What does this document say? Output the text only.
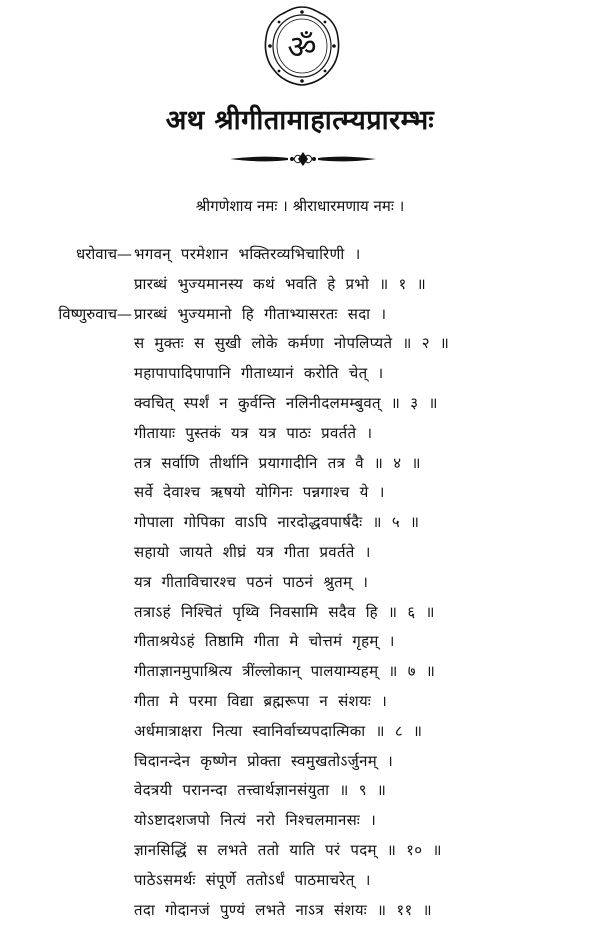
ॐ
अथ श्रीगीतामाहात्म्यप्रारम्भः
श्रीगणेशाय नमः । श्रीराधारमणाय नमः ।
धरोवाच— भगवन् परमेशान भक्तिरव्यभिचारिणी ।
प्रारब्धं भुज्यमानस्य कथं भवति हे प्रभो ॥ १ ॥
विष्णुरुवाच— प्रारब्धं भुज्यमानो हि गीताभ्यासरतः सदा ।
स मुक्तः स सुखी लोके कर्मणा नोपलिप्यते ॥ २ ॥
महापापादिपापानि गीताध्यानं करोति चेत् ।
क्वचित् स्पर्शं न कुर्वन्ति नलिनीदलमम्बुवत् ॥ ३ ॥
गीतायाः पुस्तकं यत्र यत्र पाठः प्रवर्तते ।
तत्र सर्वाणि तीर्थानि प्रयागादीनि तत्र वै ॥ ४ ॥
सर्वे देवाश्च ऋषयो योगिनः पन्नगाश्च ये ।
गोपाला गोपिका वाऽपि नारदोद्धवपार्षदैः ॥ ५ ॥
सहायो जायते शीघ्रं यत्र गीता प्रवर्तते ।
यत्र गीताविचारश्च पठनं पाठनं श्रुतम् ।
तत्राऽहं निश्चितं पृथ्वि निवसामि सदैव हि ॥ ६ ॥
गीताश्रयेऽहं तिष्ठामि गीता मे चोत्तमं गृहम् ।
गीताज्ञानमुपाश्रित्य त्रींल्लोकान् पालयाम्यहम् ॥ ७ ॥
गीता मे परमा विद्या ब्रह्मरूपा न संशयः ।
अर्धमात्राक्षरा नित्या स्वानिर्वाच्यपदात्मिका ॥ ८ ॥
चिदानन्देन कृष्णेन प्रोक्ता स्वमुखतोऽर्जुनम् ।
वेदत्रयी परानन्दा तत्त्वार्थज्ञानसंयुता ॥ ९ ॥
योऽष्टादशजपो नित्यं नरो निश्चलमानसः ।
ज्ञानसिद्धिं स लभते ततो याति परं पदम् ॥ १० ॥
पाठेऽसमर्थः संपूर्णे ततोऽर्धं पाठमाचरेत् ।
तदा गोदानजं पुण्यं लभते नाऽत्र संशयः ॥ ११ ॥
